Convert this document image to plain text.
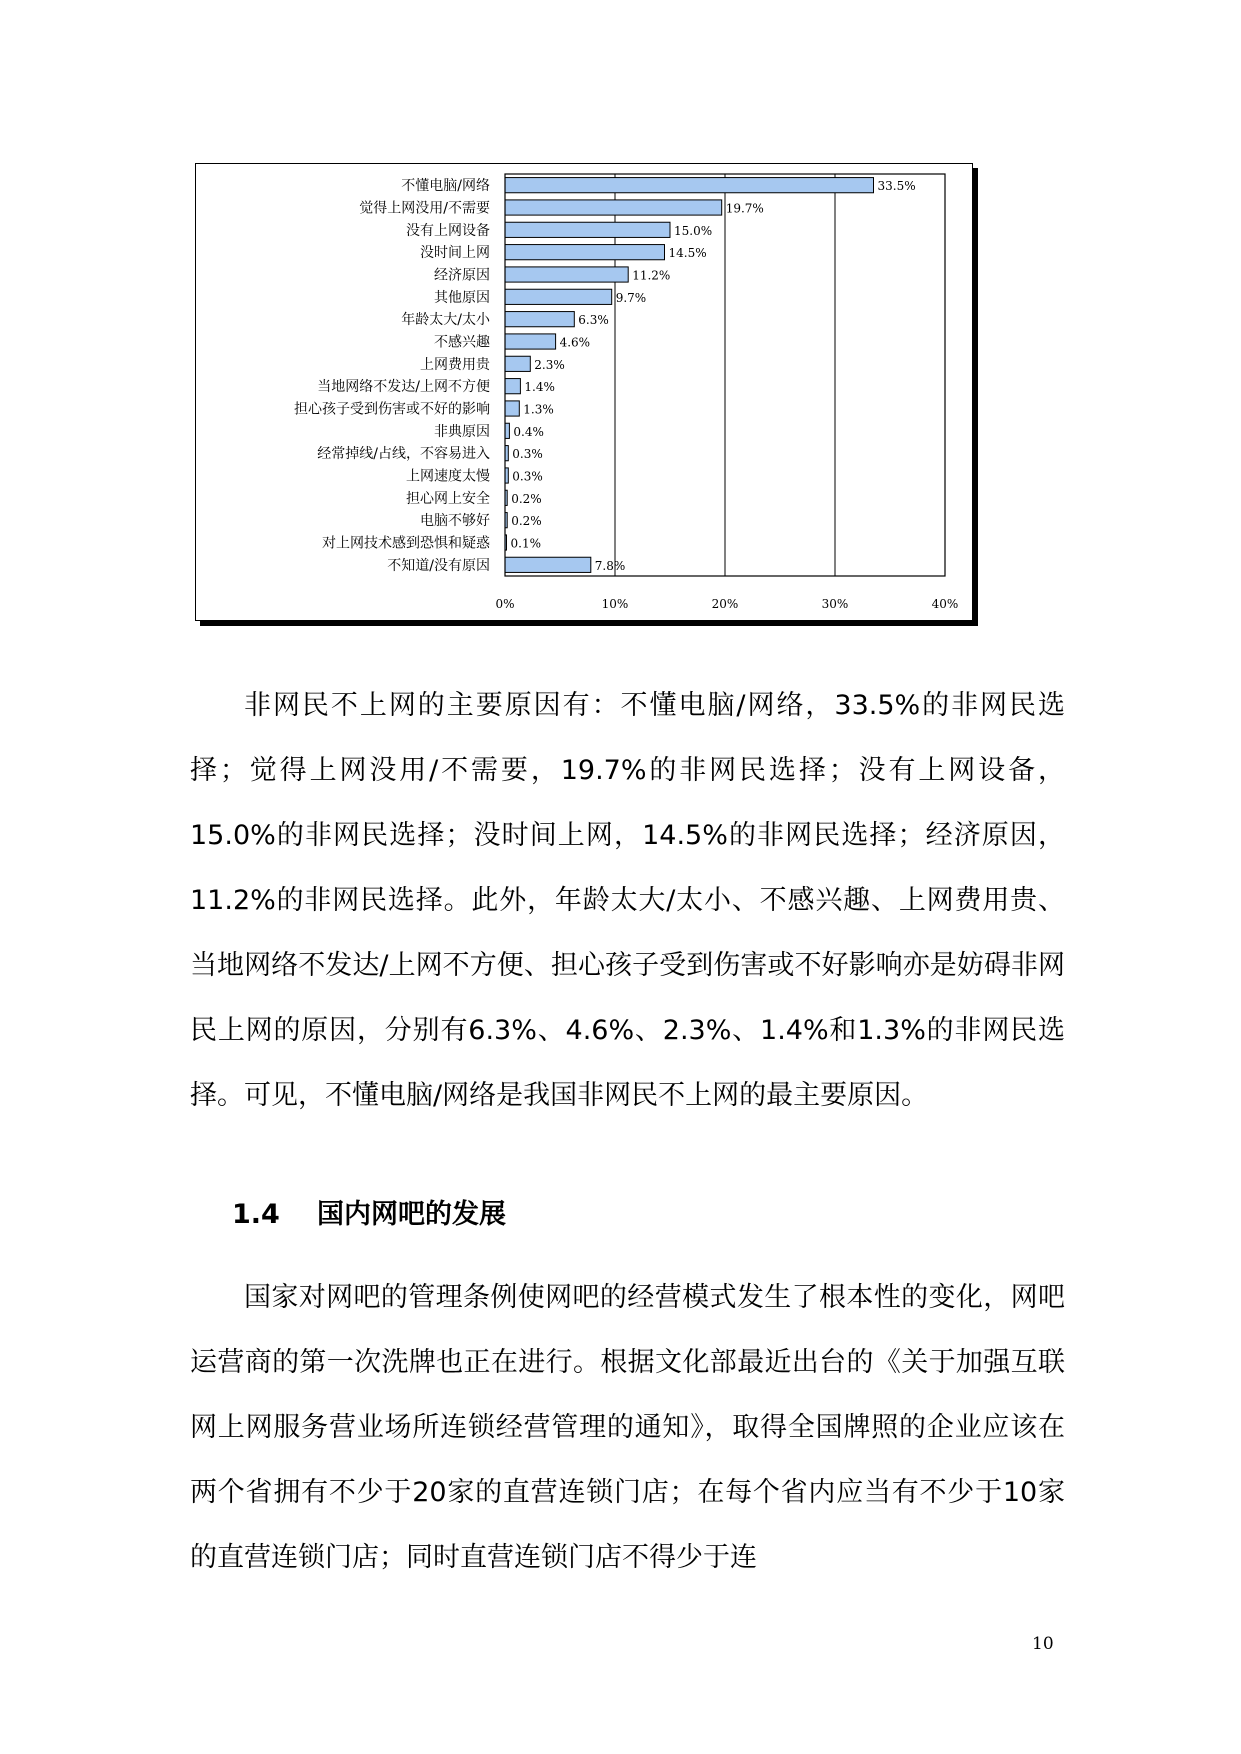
0%	10%	20%	30%	40%
不懂电脑/网络	33.5%
觉得上网没用/不需要	19.7%
没有上网设备	15.0%
没时间上网	14.5%
经济原因	11.2%
其他原因	9.7%
年龄太大/太小	6.3%
不感兴趣	4.6%
上网费用贵	2.3%
当地网络不发达/上网不方便	1.4%
担心孩子受到伤害或不好的影响	1.3%
非典原因 0.4%
经常掉线/占线，不容易进入 0.3%
上网速度太慢 0.3%
担心网上安全 0.2%
电脑不够好 0.2%
对上网技术感到恐惧和疑惑 0.1%
不知道/没有原因	7.8%

非网民不上网的主要原因有：不懂电脑/网络，33.5%的非网民选择；觉得上网没用/不需要，19.7%的非网民选择；没有上网设备，15.0%的非网民选择；没时间上网，14.5%的非网民选择；经济原因，11.2%的非网民选择。此外，年龄太大/太小、不感兴趣、上网费用贵、当地网络不发达/上网不方便、担心孩子受到伤害或不好影响亦是妨碍非网民上网的原因，分别有6.3%、4.6%、2.3%、1.4%和1.3%的非网民选择。可见，不懂电脑/网络是我国非网民不上网的最主要原因。

1.4 国内网吧的发展

国家对网吧的管理条例使网吧的经营模式发生了根本性的变化，网吧运营商的第一次洗牌也正在进行。根据文化部最近出台的《关于加强互联网上网服务营业场所连锁经营管理的通知》，取得全国牌照的企业应该在两个省拥有不少于20家的直营连锁门店；在每个省内应当有不少于10家的直营连锁门店；同时直营连锁门店不得少于连

10
